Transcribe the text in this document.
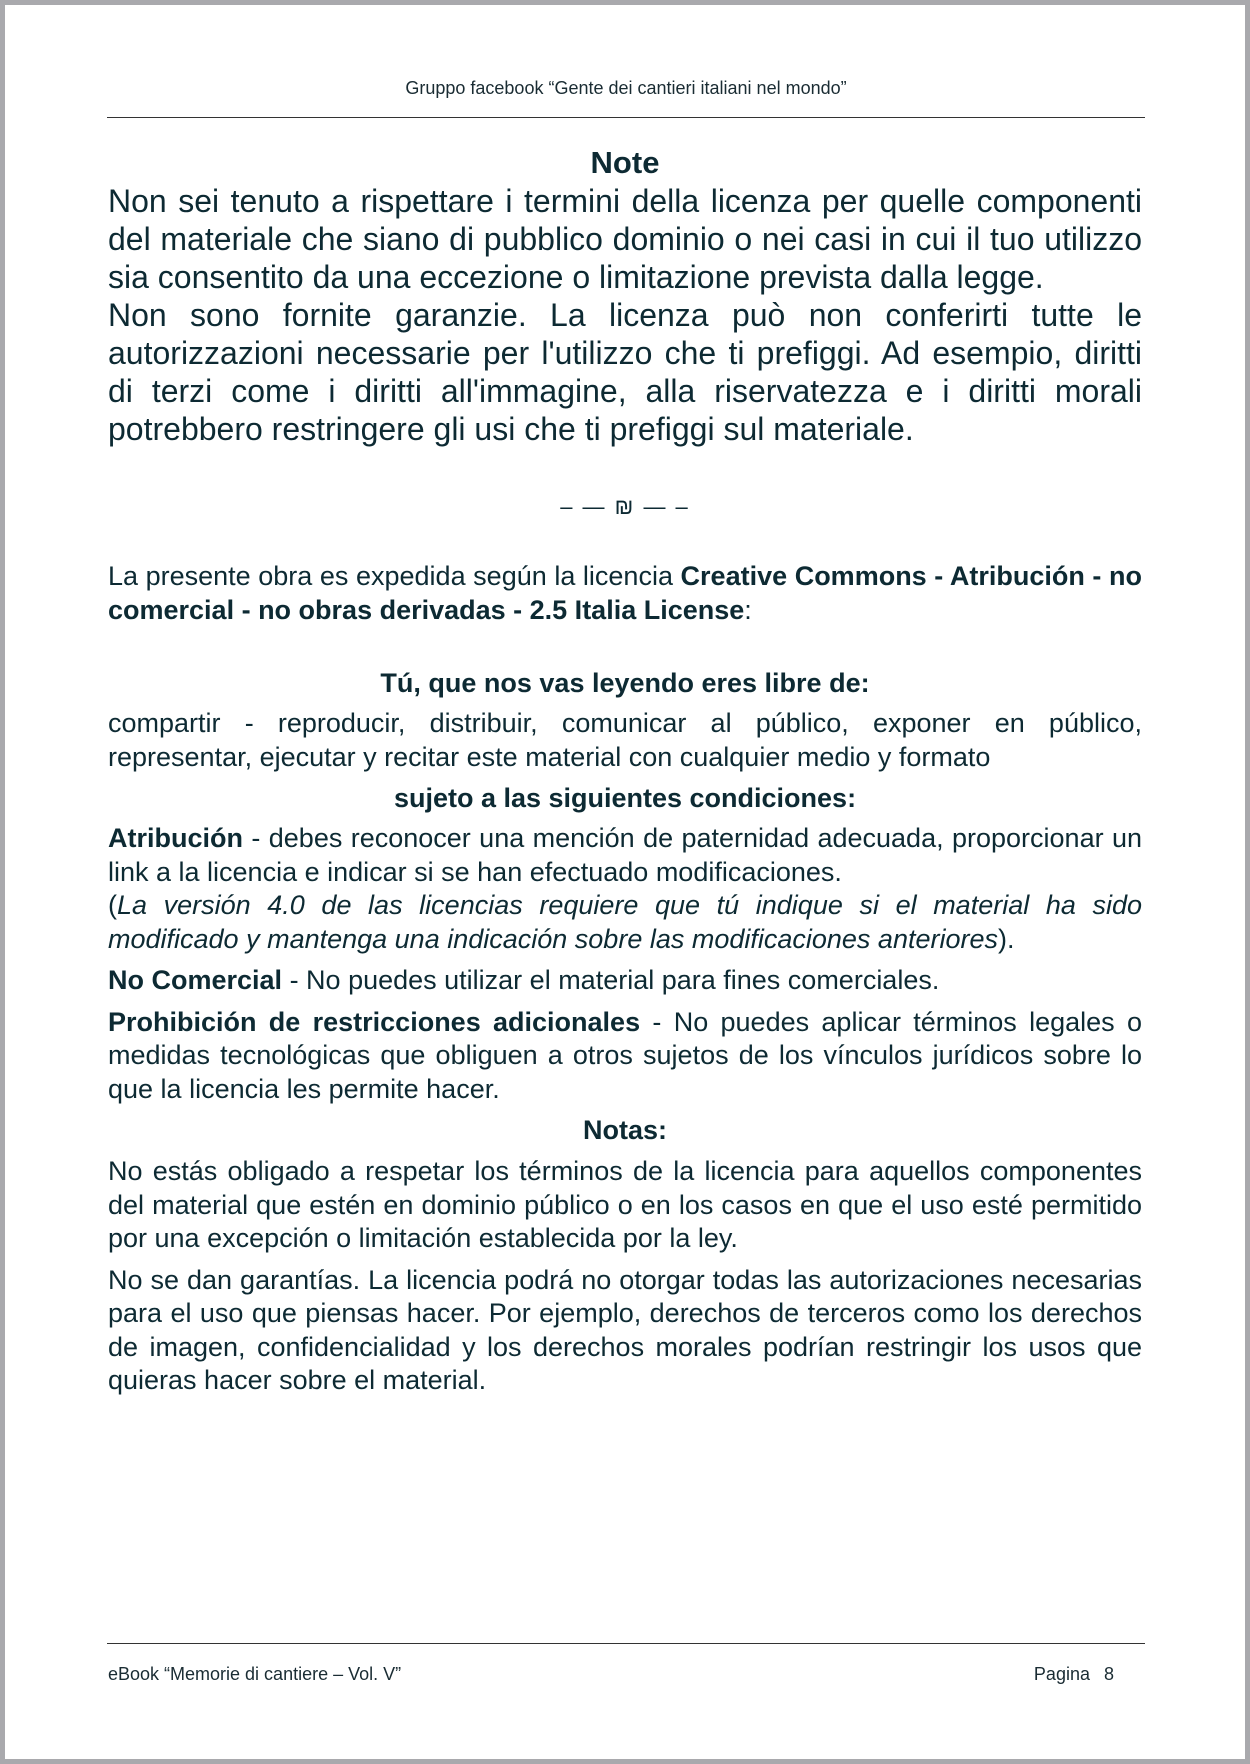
Gruppo facebook “Gente dei cantieri italiani nel mondo”
Note

Non sei tenuto a rispettare i termini della licenza per quelle componenti del materiale che siano di pubblico dominio o nei casi in cui il tuo utilizzo sia consentito da una eccezione o limitazione prevista dalla legge.

Non sono fornite garanzie. La licenza può non conferirti tutte le autorizzazioni necessarie per l'utilizzo che ti prefiggi. Ad esempio, diritti di terzi come i diritti all'immagine, alla riservatezza e i diritti morali potrebbero restringere gli usi che ti prefiggi sul materiale.

– — ₪ — –

La presente obra es expedida según la licencia Creative Commons - Atribución - no comercial - no obras derivadas - 2.5 Italia License:

Tú, que nos vas leyendo eres libre de:

compartir - reproducir, distribuir, comunicar al público, exponer en público, representar, ejecutar y recitar este material con cualquier medio y formato

sujeto a las siguientes condiciones:

Atribución - debes reconocer una mención de paternidad adecuada, proporcionar un link a la licencia e indicar si se han efectuado modificaciones.
(La versión 4.0 de las licencias requiere que tú indique si el material ha sido modificado y mantenga una indicación sobre las modificaciones anteriores).

No Comercial - No puedes utilizar el material para fines comerciales.

Prohibición de restricciones adicionales - No puedes aplicar términos legales o medidas tecnológicas que obliguen a otros sujetos de los vínculos jurídicos sobre lo que la licencia les permite hacer.

Notas:

No estás obligado a respetar los términos de la licencia para aquellos componentes del material que estén en dominio público o en los casos en que el uso esté permitido por una excepción o limitación establecida por la ley.

No se dan garantías. La licencia podrá no otorgar todas las autorizaciones necesarias para el uso que piensas hacer. Por ejemplo, derechos de terceros como los derechos de imagen, confidencialidad y los derechos morales podrían restringir los usos que quieras hacer sobre el material.

eBook “Memorie di cantiere – Vol. V”	Pagina 8
